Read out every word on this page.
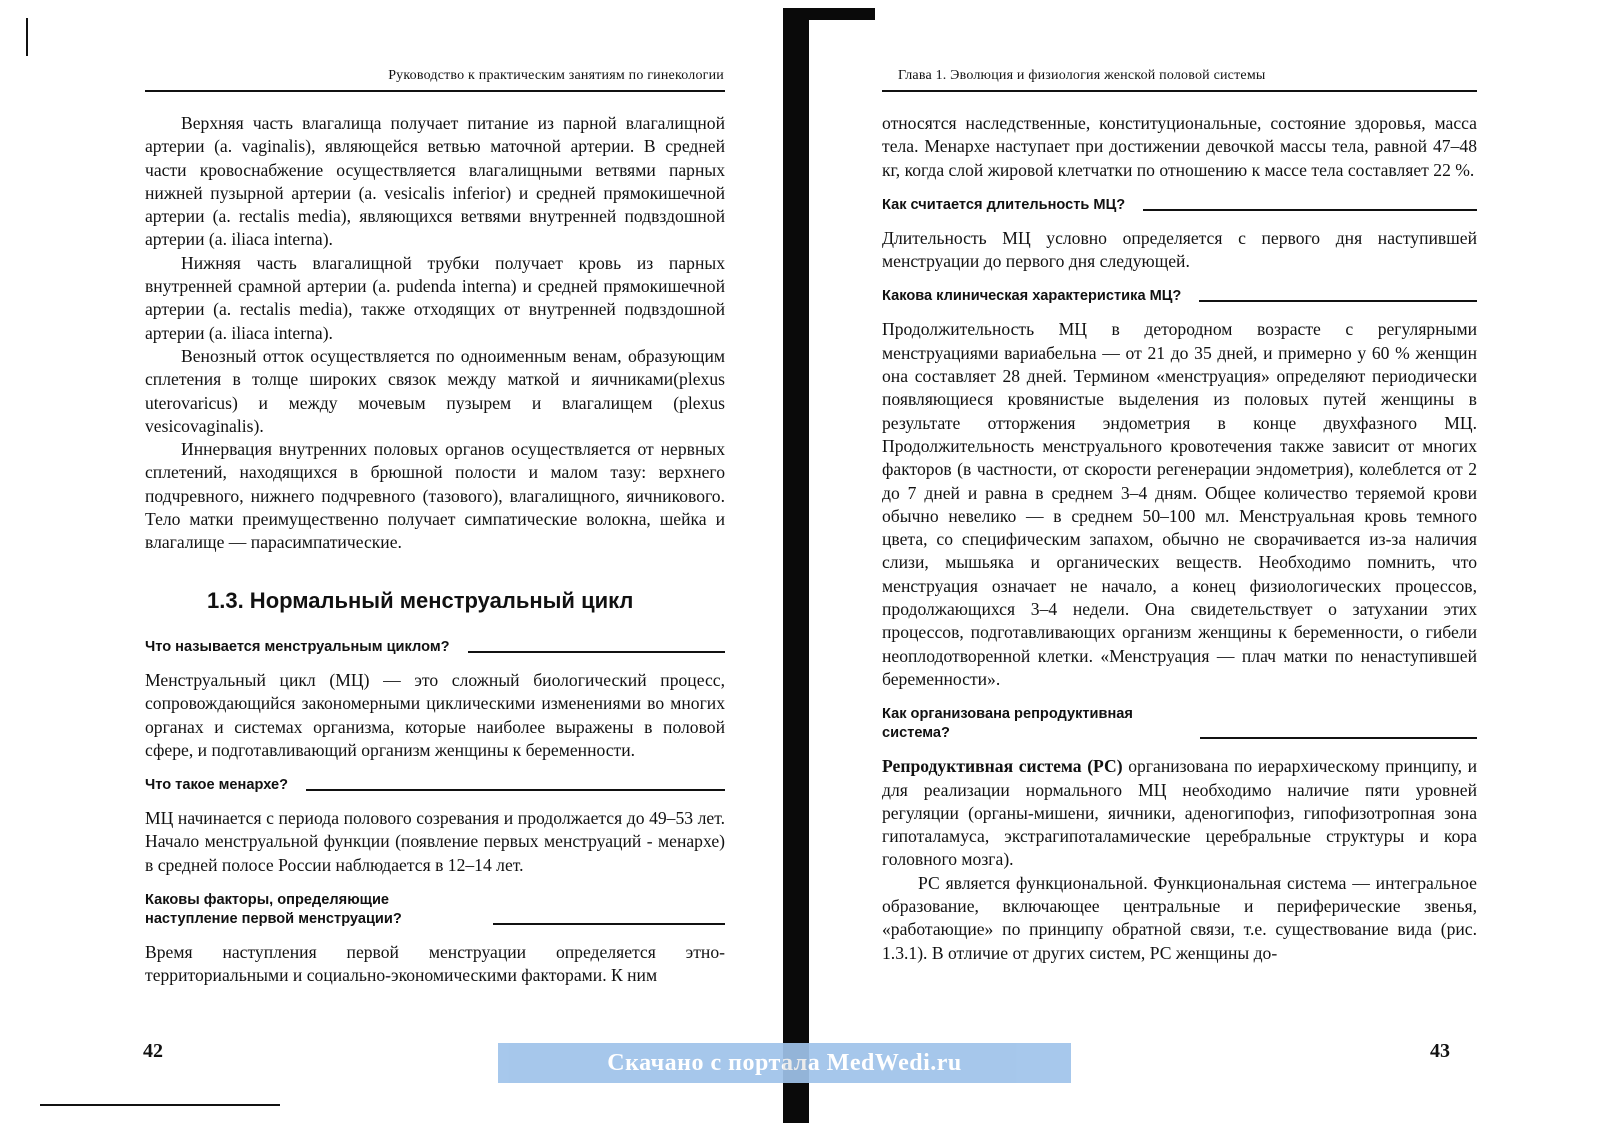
Руководство к практическим занятиям по гинекологии

Верхняя часть влагалища получает питание из парной влагалищной артерии (a. vaginalis), являющейся ветвью маточной артерии. В средней части кровоснабжение осуществляется влагалищными ветвями парных нижней пузырной артерии (a. vesicalis inferior) и средней прямокишечной артерии (a. rectalis media), являющихся ветвями внутренней подвздошной артерии (a. iliaca interna).

Нижняя часть влагалищной трубки получает кровь из парных внутренней срамной артерии (a. pudenda interna) и средней прямокишечной артерии (a. rectalis media), также отходящих от внутренней подвздошной артерии (a. iliaca interna).

Венозный отток осуществляется по одноименным венам, образующим сплетения в толще широких связок между маткой и яичниками(plexus uterovaricus) и между мочевым пузырем и влагалищем (plexus vesicovaginalis).

Иннервация внутренних половых органов осуществляется от нервных сплетений, находящихся в брюшной полости и малом тазу: верхнего подчревного, нижнего подчревного (тазового), влагалищного, яичникового. Тело матки преимущественно получает симпатические волокна, шейка и влагалище — парасимпатические.

1.3. Нормальный менструальный цикл
Что называется менструальным циклом?

Менструальный цикл (МЦ) — это сложный биологический процесс, сопровождающийся закономерными циклическими изменениями во многих органах и системах организма, которые наиболее выражены в половой сфере, и подготавливающий организм женщины к беременности.

Что такое менархе?

МЦ начинается с периода полового созревания и продолжается до 49–53 лет. Начало менструальной функции (появление первых менструаций - менархе) в средней полосе России наблюдается в 12–14 лет.

Каковы факторы, определяющие наступление первой менструации?

Время наступления первой менструации определяется этно-территориальными и социально-экономическими факторами. К ним

42
Глава 1. Эволюция и физиология женской половой системы

относятся наследственные, конституциональные, состояние здоровья, масса тела. Менархе наступает при достижении девочкой массы тела, равной 47–48 кг, когда слой жировой клетчатки по отношению к массе тела составляет 22 %.

Как считается длительность МЦ?

Длительность МЦ условно определяется с первого дня наступившей менструации до первого дня следующей.

Какова клиническая характеристика МЦ?

Продолжительность МЦ в детородном возрасте с регулярными менструациями вариабельна — от 21 до 35 дней, и примерно у 60 % женщин она составляет 28 дней. Термином «менструация» определяют периодически появляющиеся кровянистые выделения из половых путей женщины в результате отторжения эндометрия в конце двухфазного МЦ. Продолжительность менструального кровотечения также зависит от многих факторов (в частности, от скорости регенерации эндометрия), колеблется от 2 до 7 дней и равна в среднем 3–4 дням. Общее количество теряемой крови обычно невелико — в среднем 50–100 мл. Менструальная кровь темного цвета, со специфическим запахом, обычно не сворачивается из-за наличия слизи, мышьяка и органических веществ. Необходимо помнить, что менструация означает не начало, а конец физиологических процессов, продолжающихся 3–4 недели. Она свидетельствует о затухании этих процессов, подготавливающих организм женщины к беременности, о гибели неоплодотворенной клетки. «Менструация — плач матки по ненаступившей беременности».

Как организована репродуктивная система?

Репродуктивная система (РС) организована по иерархическому принципу, и для реализации нормального МЦ необходимо наличие пяти уровней регуляции (органы-мишени, яичники, аденогипофиз, гипофизотропная зона гипоталамуса, экстрагипоталамические церебральные структуры и кора головного мозга).

РС является функциональной. Функциональная система — интегральное образование, включающее центральные и периферические звенья, «работающие» по принципу обратной связи, т.е. существование вида (рис. 1.3.1). В отличие от других систем, РС женщины до-

43
Скачано с портала MedWedi.ru
